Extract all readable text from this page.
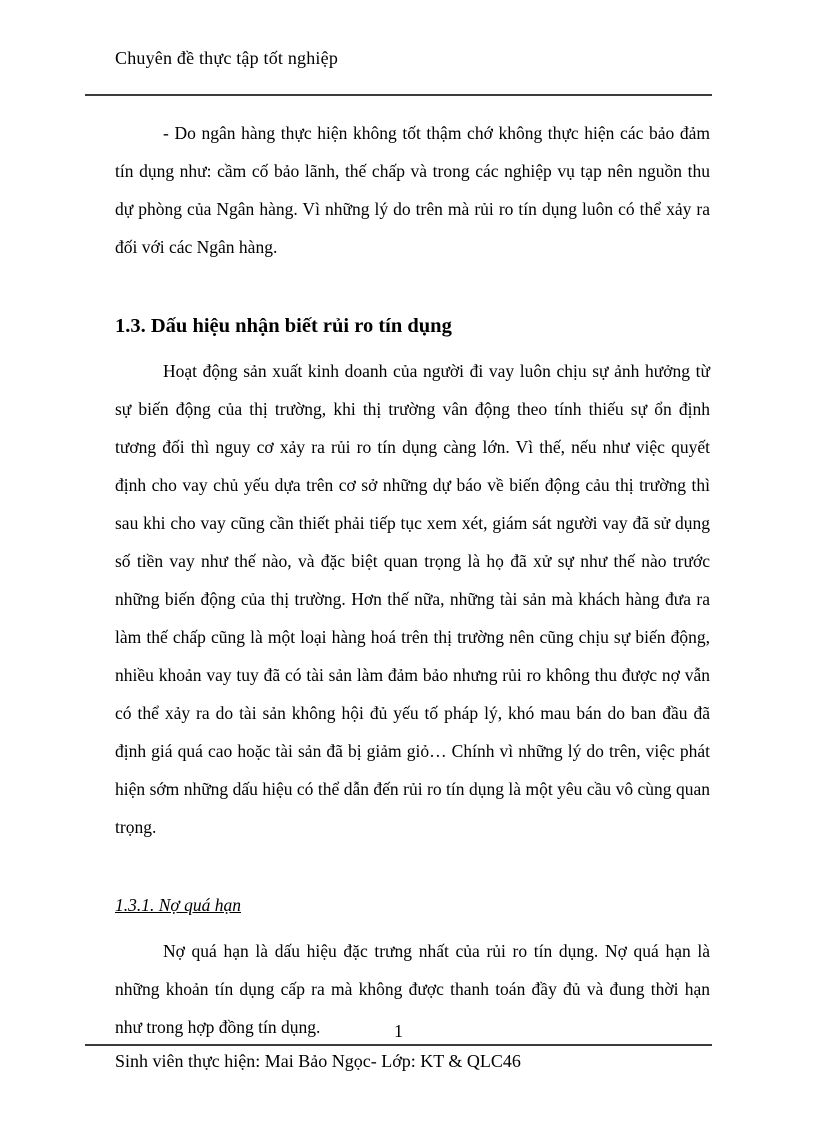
Chuyên đề thực tập tốt nghiệp

- Do ngân hàng thực hiện không tốt thậm chớ không thực hiện các bảo đảm tín dụng như: cầm cố bảo lãnh, thế chấp và trong các nghiệp vụ tạp nên nguồn thu dự phòng của Ngân hàng. Vì những lý do trên mà rủi ro tín dụng luôn có thể xảy ra đối với các Ngân hàng.

1.3. Dấu hiệu nhận biết rủi ro tín dụng

Hoạt động sản xuất kinh doanh của người đi vay luôn chịu sự ảnh hưởng từ sự biến động của thị trường, khi thị trường vân động theo tính thiếu sự ổn định tương đối thì nguy cơ xảy ra rủi ro tín dụng càng lớn. Vì thế, nếu như việc quyết định cho vay chủ yếu dựa trên cơ sở những dự báo về biến động cảu thị trường thì sau khi cho vay cũng cần thiết phải tiếp tục xem xét, giám sát người vay đã sử dụng số tiền vay như thế nào, và đặc biệt quan trọng là họ đã xử sự như thế nào trước những biến động của thị trường. Hơn thế nữa, những tài sản mà khách hàng đưa ra làm thế chấp cũng là một loại hàng hoá trên thị trường nên cũng chịu sự biến động, nhiều khoản vay tuy đã có tài sản làm đảm bảo nhưng rủi ro không thu được nợ vẫn có thể xảy ra do tài sản không hội đủ yếu tố pháp lý, khó mau bán do ban đầu đã định giá quá cao hoặc tài sản đã bị giảm giỏ… Chính vì những lý do trên, việc phát hiện sớm những dấu hiệu có thể dẫn đến rủi ro tín dụng là một yêu cầu vô cùng quan trọng.

1.3.1. Nợ quá hạn

Nợ quá hạn là dấu hiệu đặc trưng nhất của rủi ro tín dụng. Nợ quá hạn là những khoản tín dụng cấp ra mà không được thanh toán đầy đủ và đung thời hạn như trong hợp đồng tín dụng.	1
Sinh viên thực hiện: Mai Bảo Ngọc- Lớp: KT & QLC46
